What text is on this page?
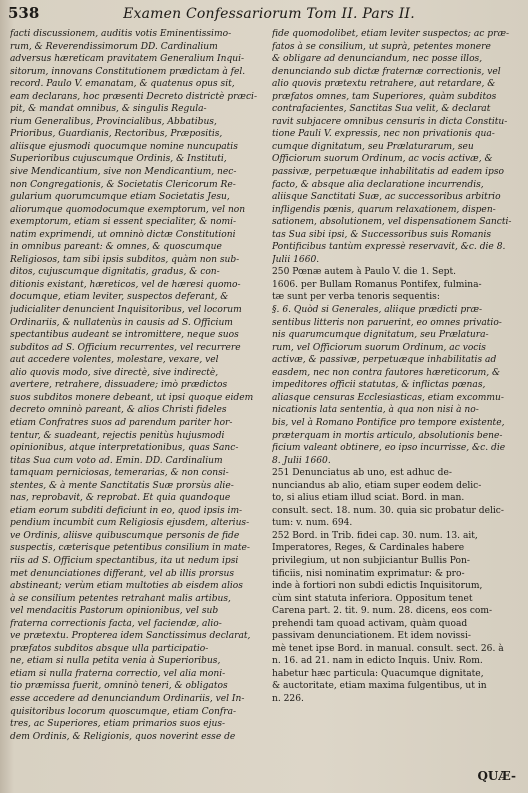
538	Examen Confessariorum Tom II. Pars II.
facti discussionem, auditis votis Eminentissimo-
rum, & Reverendissimorum DD. Cardinalium
adversus hæreticam pravitatem Generalium Inqui-
sitorum, innovans Constitutionem prædictam à fel.
record. Paulo V. emanatam, & quatenus opus sit,
eam declarans, hoc præsenti Decreto districtè præci-
pit, & mandat omnibus, & singulis Regula-
rium Generalibus, Provincialibus, Abbatibus,
Prioribus, Guardianis, Rectoribus, Præpositis,
aliisque ejusmodi quocumque nomine nuncupatis
Superioribus cujuscumque Ordinis, & Instituti,
sive Mendicantium, sive non Mendicantium, nec-
non Congregationis, & Societatis Clericorum Re-
gularium quorumcumque etiam Societatis Jesu,
aliorumque quomodocumque exemptorum, vel non
exemptorum, etiam si essent specialiter, & nomi-
natim exprimendi, ut omninò dictæ Constitutioni
in omnibus pareant: & omnes, & quoscumque
Religiosos, tam sibi ipsis subditos, quàm non sub-
ditos, cujuscumque dignitatis, gradus, & con-
ditionis existant, hæreticos, vel de hæresi quomo-
documque, etiam leviter, suspectos deferant, &
judicialiter denuncient Inquisitoribus, vel locorum
Ordinariis, & nullatenùs in causis ad S. Officium
spectantibus audeant se intromittere, neque suos
subditos ad S. Officium recurrentes, vel recurrere
aut accedere volentes, molestare, vexare, vel
alio quovis modo, sive directè, sive indirectè,
avertere, retrahere, dissuadere; imò prædictos
suos subditos monere debeant, ut ipsi quoque eidem
decreto omninò pareant, & alios Christi fideles
etiam Confratres suos ad parendum pariter hor-
tentur, & suadeant, rejectis penitùs hujusmodi
opinionibus, atque interpretationibus, quas Sanc-
titas Sua cum voto ad. Emin. DD. Cardinalium
tamquam perniciosas, temerarias, & non consi-
stentes, & à mente Sanctitatis Suæ prorsùs alie-
nas, reprobavit, & reprobat. Et quia quandoque
etiam eorum subditi deficiunt in eo, quod ipsis im-
pendium incumbit cum Religiosis ejusdem, alterius-
ve Ordinis, aliisve quibuscumque personis de fide
suspectis, cæterisque petentibus consilium in mate-
riis ad S. Officium spectantibus, ita ut nedum ipsi
met denunciationes differant, vel ab illis prorsus
abstineant; verùm etiam multoties ab eisdem alios
à se consilium petentes retrahant malis artibus,
vel mendacitis Pastorum opinionibus, vel sub
fraterna correctionis facta, vel faciendæ, alio-
ve prætextu. Propterea idem Sanctissimus declarat,
præfatos subditos absque ulla participatio-
ne, etiam si nulla petita venia à Superioribus,
etiam si nulla fraterna correctio, vel alia moni-
tio præmissa fuerit, omninò teneri, & obligatos
esse accedere ad denunciandum Ordinariis, vel In-
quisitoribus locorum quoscumque, etiam Confra-
tres, ac Superiores, etiam primarios suos ejus-
dem Ordinis, & Religionis, quos noverint esse de

fide quomodolibet, etiam leviter suspectos; ac præ-
fatos à se consilium, ut suprà, petentes monere
& obligare ad denunciandum, nec posse illos,
denunciando sub dictæ fraternæ correctionis, vel
alio quovis prætextu retrahere, aut retardare, &
præfatos omnes, tam Superiores, quàm subditos
contrafacientes, Sanctitas Sua velit, & declarat
ravit subjacere omnibus censuris in dicta Constitu-
tione Pauli V. expressis, nec non privationis qua-
cumque dignitatum, seu Prælaturarum, seu
Officiorum suorum Ordinum, ac vocis activæ, &
passivæ, perpetuæque inhabilitatis ad eadem ipso
facto, & absque alia declaratione incurrendis,
aliisque Sanctitati Suæ, ac successoribus arbitrio
infligendis pœnis, quarum relaxationem, dispen-
sationem, absolutionem, vel dispensationem Sancti-
tas Sua sibi ipsi, & Successoribus suis Romanis
Pontificibus tantùm expressè reservavit, &c. die 8.
Julii 1660.

250 Pœnæ autem à Paulo V. die 1. Sept.
1606. per Bullam Romanus Pontifex, fulmina-
tæ sunt per verba tenoris sequentis:

§. 6. Quòd si Generales, aliique prædicti præ-
sentibus litteris non paruerint, eo omnes privatio-
nis quarumcumque dignitatum, seu Prælatura-
rum, vel Officiorum suorum Ordinum, ac vocis
activæ, & passivæ, perpetuæque inhabilitatis ad
easdem, nec non contra fautores hæreticorum, &
impeditores officii statutas, & inflictas pœnas,
aliasque censuras Ecclesiasticas, etiam excommu-
nicationis lata sententia, à qua non nisi à no-
bis, vel à Romano Pontifice pro tempore existente,
præterquam in mortis articulo, absolutionis bene-
ficium valeant obtinere, eo ipso incurrisse, &c. die
8. Julii 1660.

251 Denunciatus ab uno, est adhuc de-
nunciandus ab alio, etiam super eodem delic-
to, si alius etiam illud sciat. Bord. in man.
consult. sect. 18. num. 30. quia sic probatur delic-
tum: v. num. 694.

252 Bord. in Trib. fidei cap. 30. num. 13. ait,
Imperatores, Reges, & Cardinales habere
privilegium, ut non subjiciantur Bullis Pon-
tificiis, nisi nominatim exprimatur: & pro-
inde à fortiori non subdi edictis Inquisitorum,
cùm sint statuta inferiora. Oppositum tenet
Carena part. 2. tit. 9. num. 28. dicens, eos com-
prehendi tam quoad activam, quàm quoad
passivam denunciationem. Et idem novissi-
mè tenet ipse Bord. in manual. consult. sect. 26. à
n. 16. ad 21. nam in edicto Inquis. Univ. Rom.
habetur hæc particula: Quacumque dignitate,
& auctoritate, etiam maxima fulgentibus, ut in
n. 226.

QUÆ-
